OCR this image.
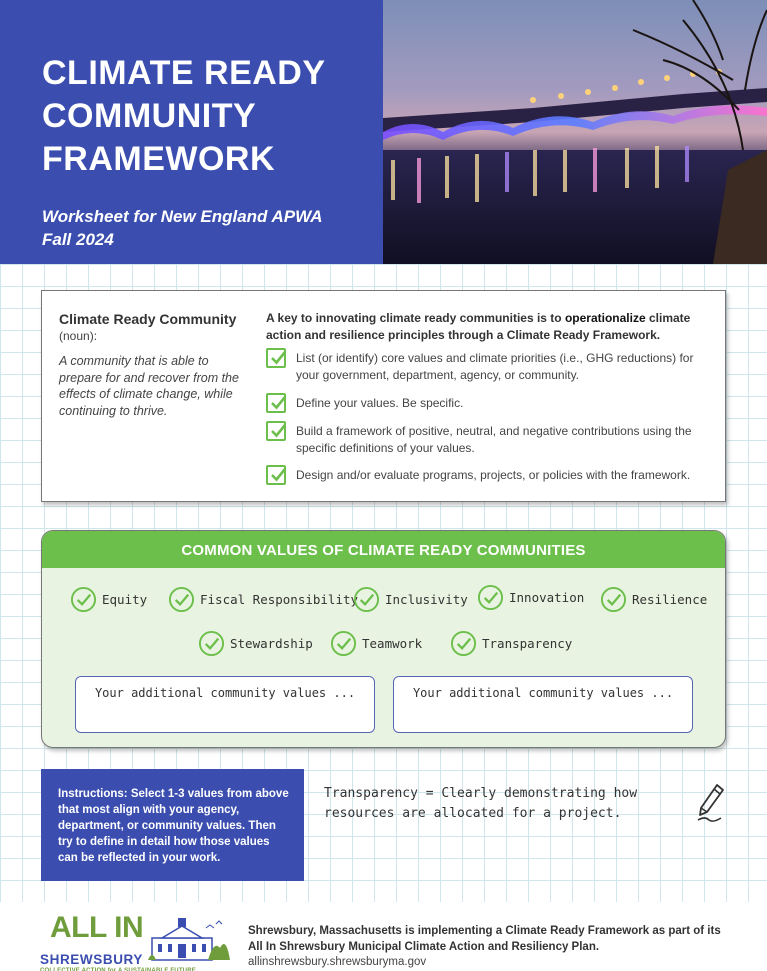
CLIMATE READY
COMMUNITY
FRAMEWORK
Worksheet for New England APWA
Fall 2024
Climate Ready Community
(noun):
A community that is able to prepare for and recover from the effects of climate change, while continuing to thrive.
A key to innovating climate ready communities is to operationalize climate action and resilience principles through a Climate Ready Framework.
List (or identify) core values and climate priorities (i.e., GHG reductions) for your government, department, agency, or community.
Define your values. Be specific.
Build a framework of positive, neutral, and negative contributions using the specific definitions of your values.
Design and/or evaluate programs, projects, or policies with the framework.
COMMON VALUES OF CLIMATE READY COMMUNITIES
Equity	Fiscal Responsibility Inclusivity	Innovation	Resilience
Stewardship	Teamwork	Transparency
Your additional community values ...	Your additional community values ...
Instructions: Select 1-3 values from above that most align with your agency, department, or community values. Then try to define in detail how those values can be reflected in your work.
Transparency = Clearly demonstrating how resources are allocated for a project.
ALL IN
SHREWSBURY
COLLECTIVE ACTION for A SUSTAINABLE FUTURE
Shrewsbury, Massachusetts is implementing a Climate Ready Framework as part of its All In Shrewsbury Municipal Climate Action and Resiliency Plan.
allinshrewsbury.shrewsburyma.gov
